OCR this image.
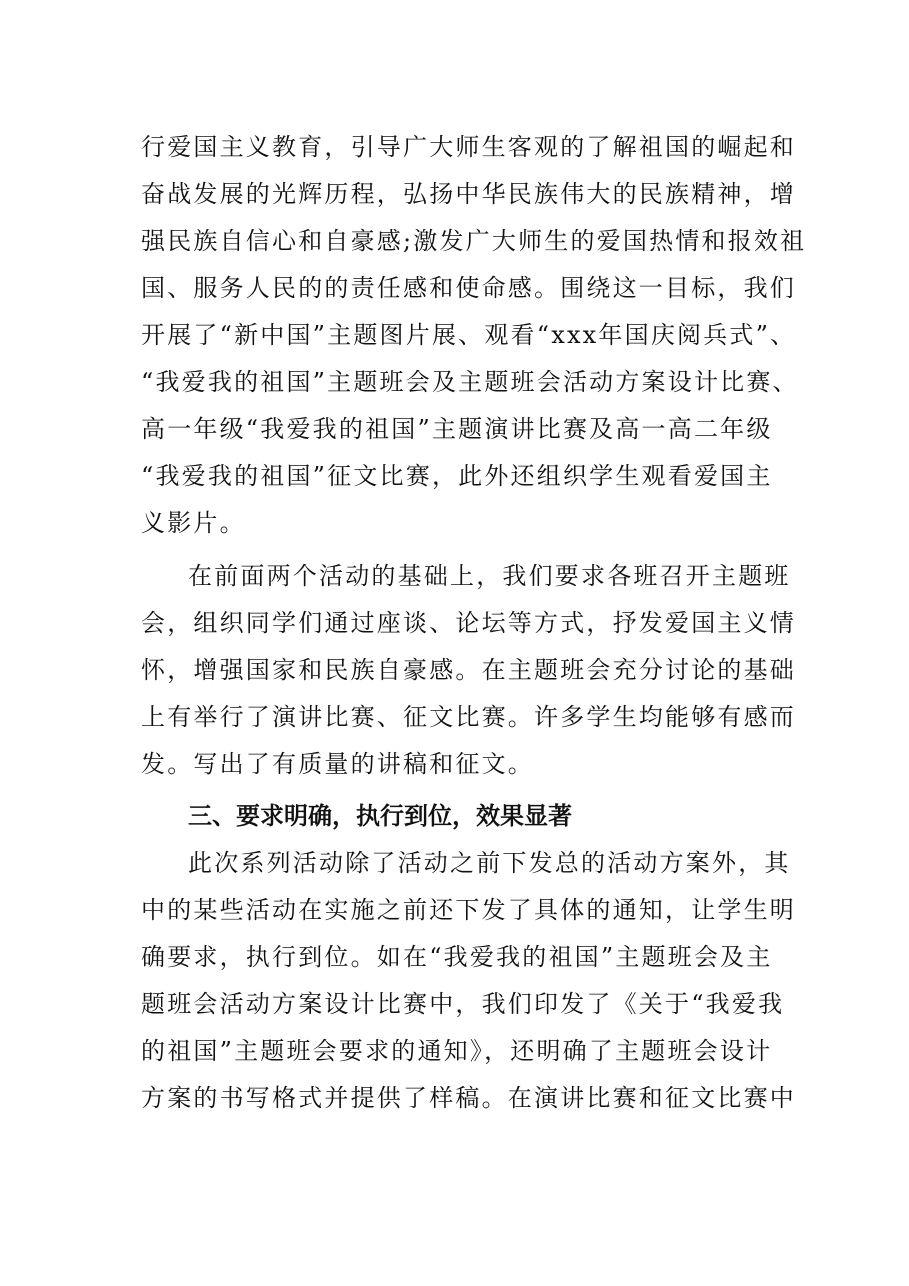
行爱国主义教育，引导广大师生客观的了解祖国的崛起和
奋战发展的光辉历程，弘扬中华民族伟大的民族精神，增
强民族自信心和自豪感;激发广大师生的爱国热情和报效祖
国、服务人民的的责任感和使命感。围绕这一目标，我们
开展了“新中国”主题图片展、观看“xxx年国庆阅兵式”、
“我爱我的祖国”主题班会及主题班会活动方案设计比赛、
高一年级“我爱我的祖国”主题演讲比赛及高一高二年级
“我爱我的祖国”征文比赛，此外还组织学生观看爱国主
义影片。
在前面两个活动的基础上，我们要求各班召开主题班
会，组织同学们通过座谈、论坛等方式，抒发爱国主义情
怀，增强国家和民族自豪感。在主题班会充分讨论的基础
上有举行了演讲比赛、征文比赛。许多学生均能够有感而
发。写出了有质量的讲稿和征文。
三、要求明确，执行到位，效果显著
此次系列活动除了活动之前下发总的活动方案外，其
中的某些活动在实施之前还下发了具体的通知，让学生明
确要求，执行到位。如在“我爱我的祖国”主题班会及主
题班会活动方案设计比赛中，我们印发了《关于“我爱我
的祖国”主题班会要求的通知》，还明确了主题班会设计
方案的书写格式并提供了样稿。在演讲比赛和征文比赛中
